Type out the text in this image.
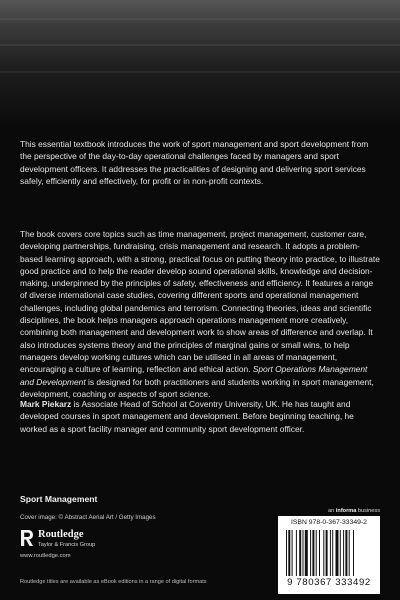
This essential textbook introduces the work of sport management and sport development from the perspective of the day-to-day operational challenges faced by managers and sport development officers. It addresses the practicalities of designing and delivering sport services safely, efficiently and effectively, for profit or in non-profit contexts.

The book covers core topics such as time management, project management, customer care, developing partnerships, fundraising, crisis management and research. It adopts a problem-based learning approach, with a strong, practical focus on putting theory into practice, to illustrate good practice and to help the reader develop sound operational skills, knowledge and decision-making, underpinned by the principles of safety, effectiveness and efficiency. It features a range of diverse international case studies, covering different sports and operational management challenges, including global pandemics and terrorism. Connecting theories, ideas and scientific disciplines, the book helps managers approach operations management more creatively, combining both management and development work to show areas of difference and overlap. It also introduces systems theory and the principles of marginal gains or small wins, to help managers develop working cultures which can be utilised in all areas of management, encouraging a culture of learning, reflection and ethical action. Sport Operations Management and Development is designed for both practitioners and students working in sport management, development, coaching or aspects of sport science.

Mark Piekarz is Associate Head of School at Coventry University, UK. He has taught and developed courses in sport management and development. Before beginning teaching, he worked as a sport facility manager and community sport development officer.

Sport Management
Cover image: © Abstract Aerial Art / Getty Images
Routledge
Taylor & Francis Group
www.routledge.com
Routledge titles are available as eBook editions in a range of digital formats
an informa business
ISBN 978-0-367-33349-2
9 780367 333492
